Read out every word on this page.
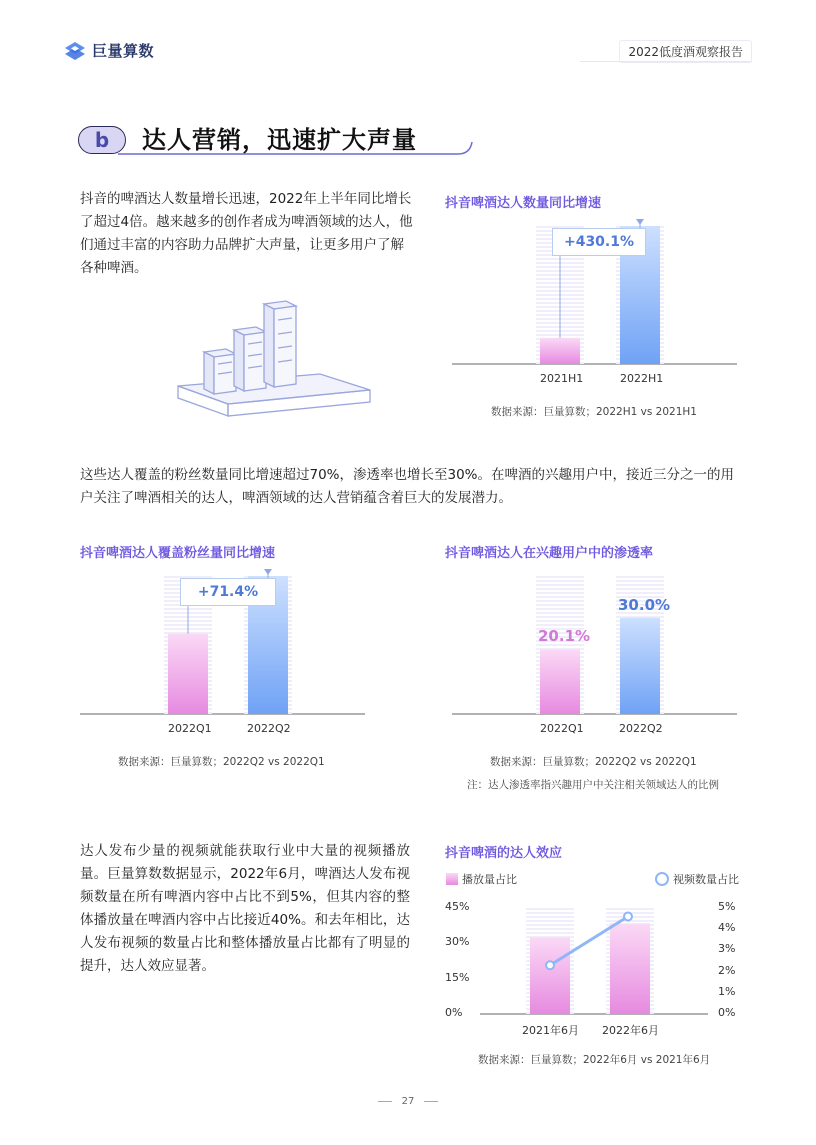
巨量算数	2022低度酒观察报告
b	达人营销，迅速扩大声量
抖音的啤酒达人数量增长迅速，2022年上半年同比增长了超过4倍。越来越多的创作者成为啤酒领域的达人，他们通过丰富的内容助力品牌扩大声量，让更多用户了解各种啤酒。
抖音啤酒达人数量同比增速
+430.1%
2021H1	2022H1
数据来源：巨量算数；2022H1 vs 2021H1
这些达人覆盖的粉丝数量同比增速超过70%，渗透率也增长至30%。在啤酒的兴趣用户中，接近三分之一的用户关注了啤酒相关的达人，啤酒领域的达人营销蕴含着巨大的发展潜力。
抖音啤酒达人覆盖粉丝量同比增速
+71.4%
2022Q1	2022Q2
数据来源：巨量算数；2022Q2 vs 2022Q1
抖音啤酒达人在兴趣用户中的渗透率
20.1%
30.0%
2022Q1	2022Q2
数据来源：巨量算数；2022Q2 vs 2022Q1
注：达人渗透率指兴趣用户中关注相关领域达人的比例
达人发布少量的视频就能获取行业中大量的视频播放量。巨量算数数据显示，2022年6月，啤酒达人发布视频数量在所有啤酒内容中占比不到5%，但其内容的整体播放量在啤酒内容中占比接近40%。和去年相比，达人发布视频的数量占比和整体播放量占比都有了明显的提升，达人效应显著。
抖音啤酒的达人效应
播放量占比	视频数量占比
0%
15%
30%
45%
0%
1%
2%
3%
4%
5%
2021年6月 2022年6月
数据来源：巨量算数；2022年6月 vs 2021年6月
27
